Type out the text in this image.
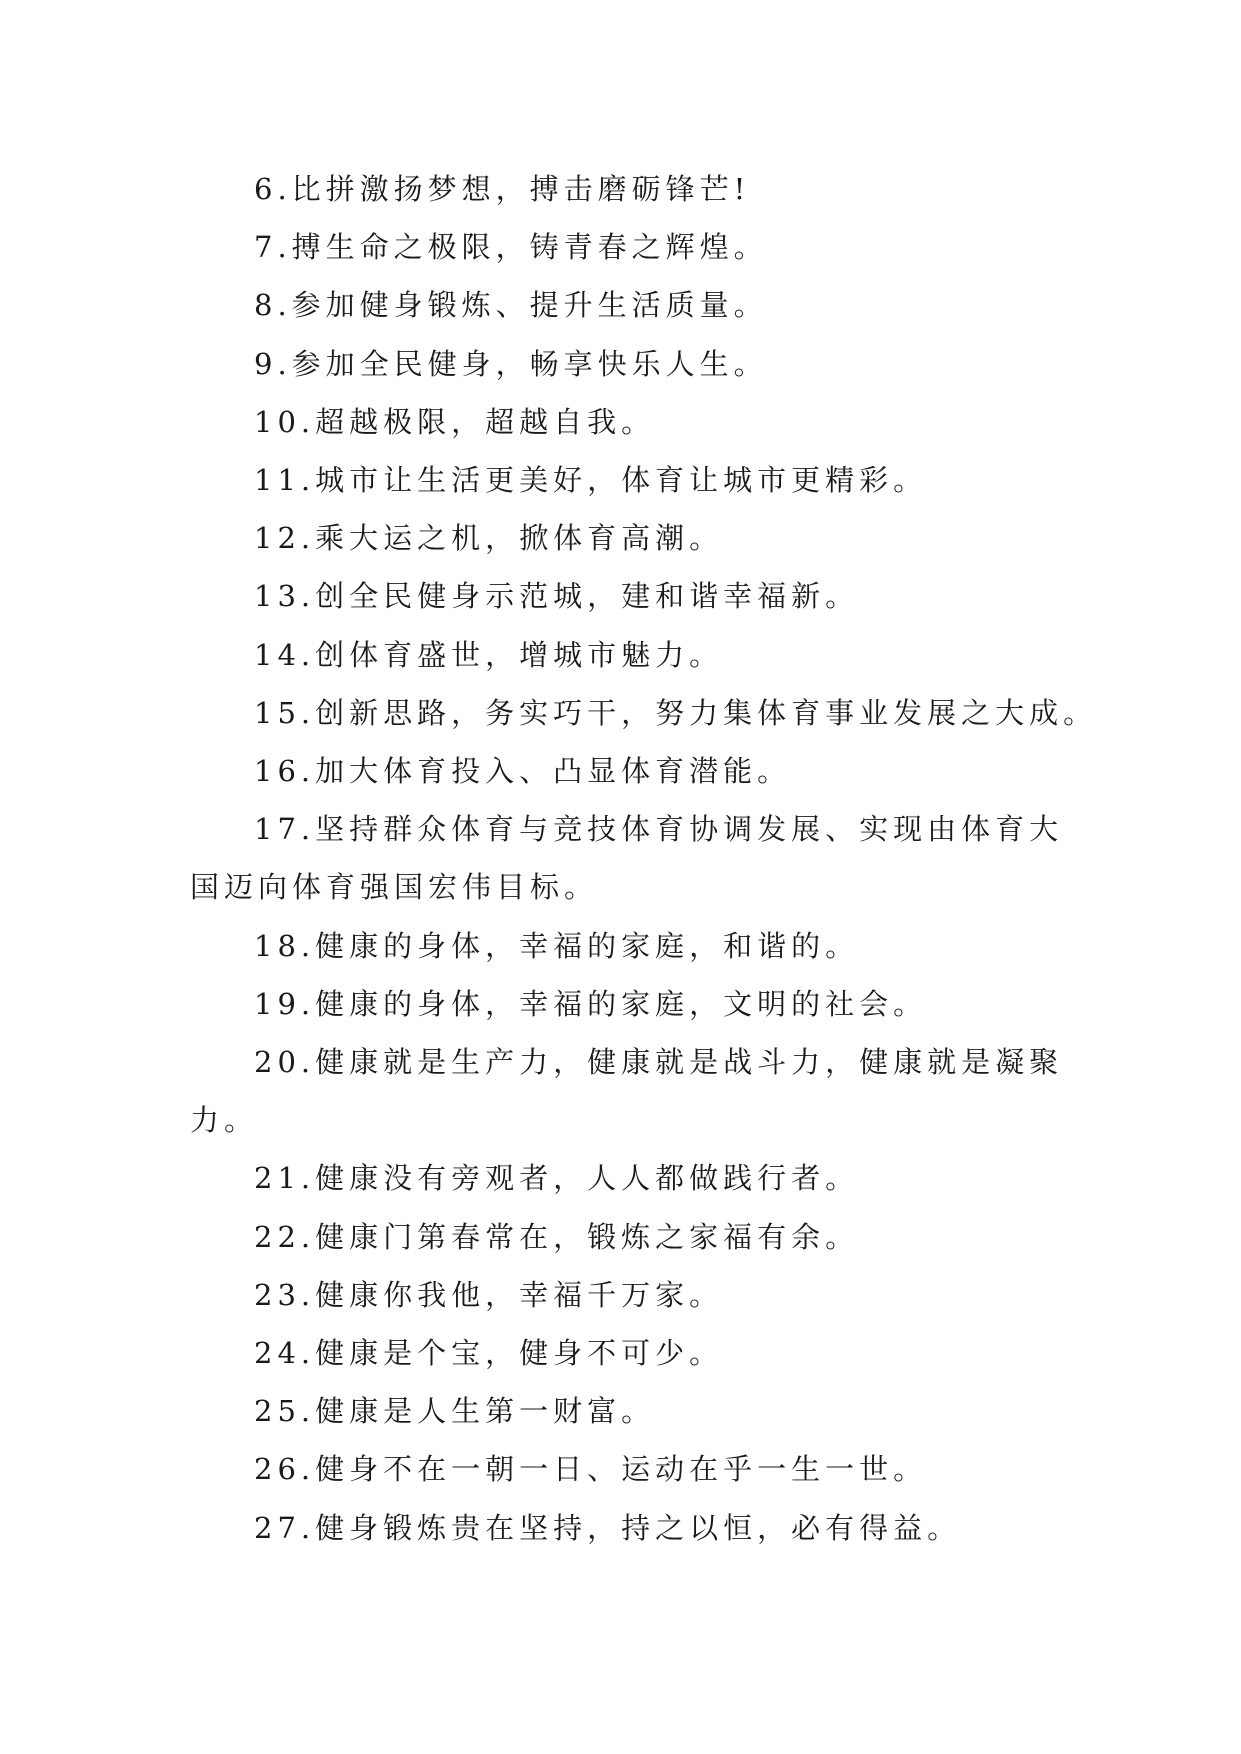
6.比拼激扬梦想，搏击磨砺锋芒!

7.搏生命之极限，铸青春之辉煌。

8.参加健身锻炼、提升生活质量。

9.参加全民健身，畅享快乐人生。

10.超越极限，超越自我。

11.城市让生活更美好，体育让城市更精彩。

12.乘大运之机，掀体育高潮。

13.创全民健身示范城，建和谐幸福新。

14.创体育盛世，增城市魅力。

15.创新思路，务实巧干，努力集体育事业发展之大成。

16.加大体育投入、凸显体育潜能。

17.坚持群众体育与竞技体育协调发展、实现由体育大

国迈向体育强国宏伟目标。

18.健康的身体，幸福的家庭，和谐的。

19.健康的身体，幸福的家庭，文明的社会。

20.健康就是生产力，健康就是战斗力，健康就是凝聚

力。

21.健康没有旁观者，人人都做践行者。

22.健康门第春常在，锻炼之家福有余。

23.健康你我他，幸福千万家。

24.健康是个宝，健身不可少。

25.健康是人生第一财富。

26.健身不在一朝一日、运动在乎一生一世。

27.健身锻炼贵在坚持，持之以恒，必有得益。
